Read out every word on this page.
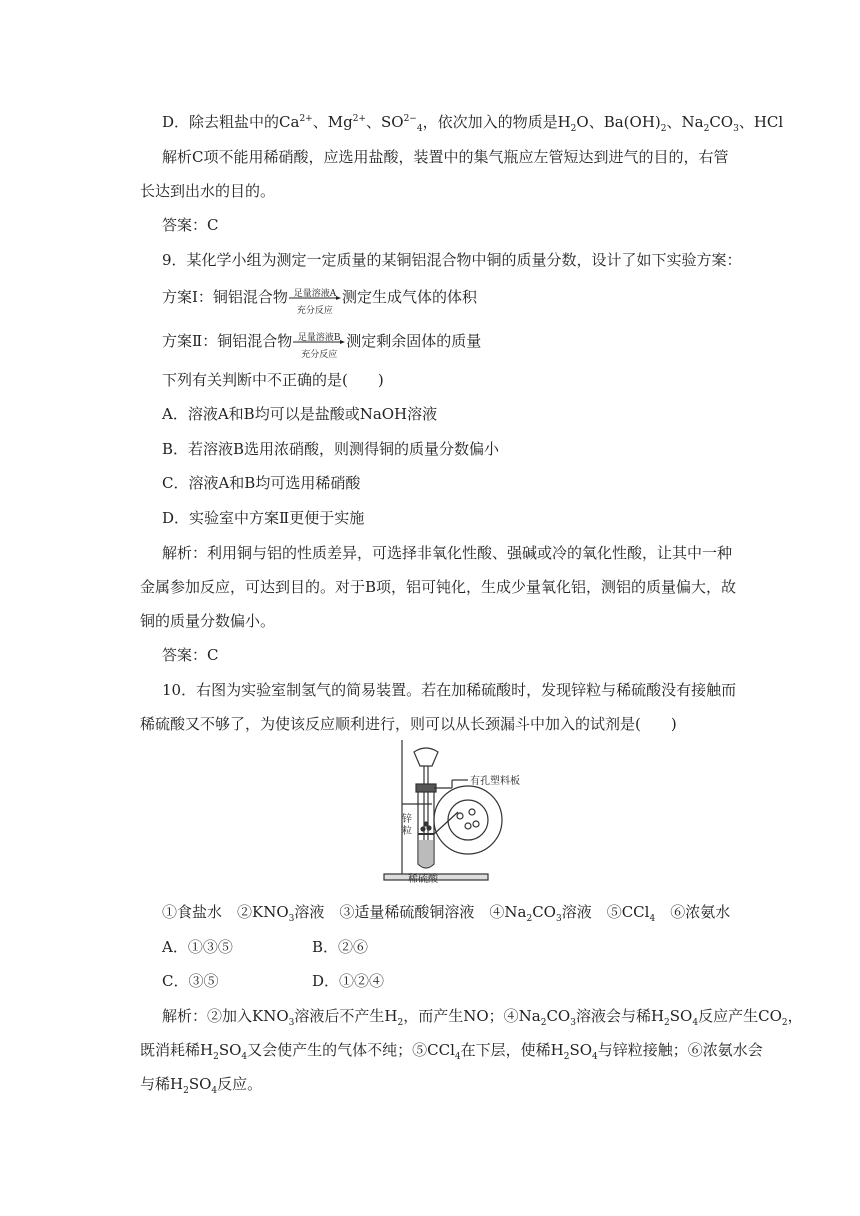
D．除去粗盐中的$Ca^{2+}$、$Mg^{2+}$、$SO^{2-}_4$，依次加入的物质是$H_2O$、$Ba(OH)_2$、$Na_2CO_3$、HCl
解析C项不能用稀硝酸，应选用盐酸，装置中的集气瓶应左管短达到进气的目的，右管
长达到出水的目的。
答案：C
9．某化学小组为测定一定质量的某铜铝混合物中铜的质量分数，设计了如下实验方案：
方案Ⅰ：铜铝混合物 足量溶液A
充分反应
测定生成气体的体积
方案Ⅱ：铜铝混合物 足量溶液B
充分反应
测定剩余固体的质量
下列有关判断中不正确的是(　　)
A．溶液A和B均可以是盐酸或NaOH溶液
B．若溶液B选用浓硝酸，则测得铜的质量分数偏小
C．溶液A和B均可选用稀硝酸
D．实验室中方案Ⅱ更便于实施
解析：利用铜与铝的性质差异，可选择非氧化性酸、强碱或冷的氧化性酸，让其中一种
金属参加反应，可达到目的。对于B项，铝可钝化，生成少量氧化铝，测铝的质量偏大，故
铜的质量分数偏小。
答案：C
10．右图为实验室制氢气的简易装置。若在加稀硫酸时，发现锌粒与稀硫酸没有接触而
稀硫酸又不够了，为使该反应顺利进行，则可以从长颈漏斗中加入的试剂是(　　)
有孔塑料板
稀硫酸
锌粒
①食盐水　$②KNO_3$溶液　③适量稀硫酸铜溶液　$④Na_2CO_3$溶液　⑤CCl$_4$　⑥浓氨水
A．①③⑤	B．②⑥
C．③⑤	D．①②④
解析：②加入$KNO_3$溶液后不产生$H_2$，而产生NO；$④Na_2CO_3$溶液会与稀$H_2SO_4$反应产生$CO_2$，
既消耗稀$H_2SO_4$又会使产生的气体不纯；⑤CCl$_4$在下层，使稀$H_2SO_4$与锌粒接触；⑥浓氨水会
与稀$H_2SO_4$反应。
